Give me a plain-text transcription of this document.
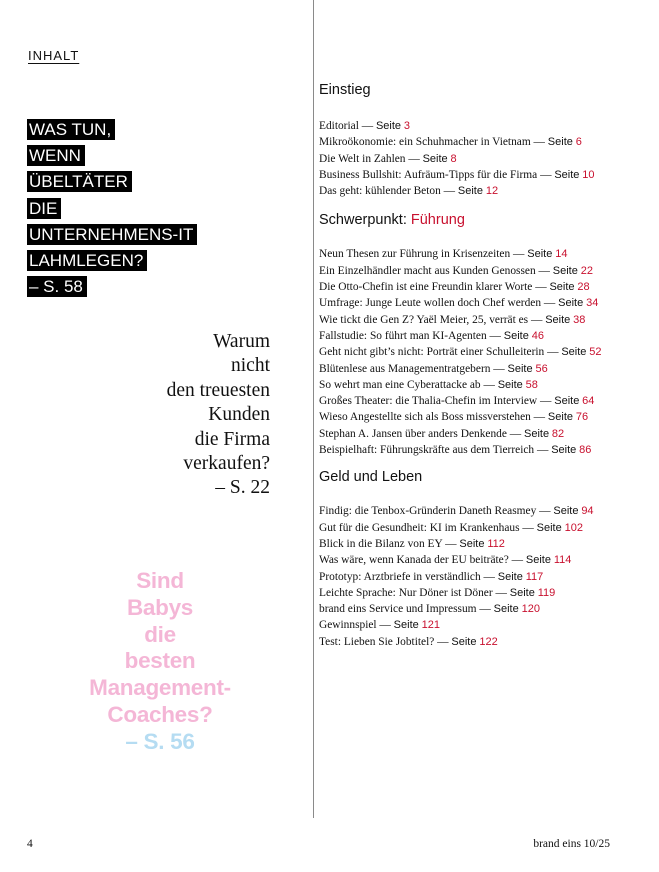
INHALT
WAS TUN,
WENN
ÜBELTÄTER
DIE
UNTERNEHMENS-IT
LAHMLEGEN?
– S. 58
Warum
nicht
den treuesten
Kunden
die Firma
verkaufen?
– S. 22
Sind
Babys
die
besten
Management-
Coaches?
– S. 56
Einstieg
Editorial — Seite 3
Mikroökonomie: ein Schuhmacher in Vietnam — Seite 6
Die Welt in Zahlen — Seite 8
Business Bullshit: Aufräum-Tipps für die Firma — Seite 10
Das geht: kühlender Beton — Seite 12
Schwerpunkt: Führung
Neun Thesen zur Führung in Krisenzeiten — Seite 14
Ein Einzelhändler macht aus Kunden Genossen — Seite 22
Die Otto-Chefin ist eine Freundin klarer Worte — Seite 28
Umfrage: Junge Leute wollen doch Chef werden — Seite 34
Wie tickt die Gen Z? Yaël Meier, 25, verrät es — Seite 38
Fallstudie: So führt man KI-Agenten — Seite 46
Geht nicht gibt’s nicht: Porträt einer Schulleiterin — Seite 52
Blütenlese aus Managementratgebern — Seite 56
So wehrt man eine Cyberattacke ab — Seite 58
Großes Theater: die Thalia-Chefin im Interview — Seite 64
Wieso Angestellte sich als Boss missverstehen — Seite 76
Stephan A. Jansen über anders Denkende — Seite 82
Beispielhaft: Führungskräfte aus dem Tierreich — Seite 86
Geld und Leben
Findig: die Tenbox-Gründerin Daneth Reasmey — Seite 94
Gut für die Gesundheit: KI im Krankenhaus — Seite 102
Blick in die Bilanz von EY — Seite 112
Was wäre, wenn Kanada der EU beiträte? — Seite 114
Prototyp: Arztbriefe in verständlich — Seite 117
Leichte Sprache: Nur Döner ist Döner — Seite 119
brand eins Service und Impressum — Seite 120
Gewinnspiel — Seite 121
Test: Lieben Sie Jobtitel? — Seite 122
4	brand eins 10/25
